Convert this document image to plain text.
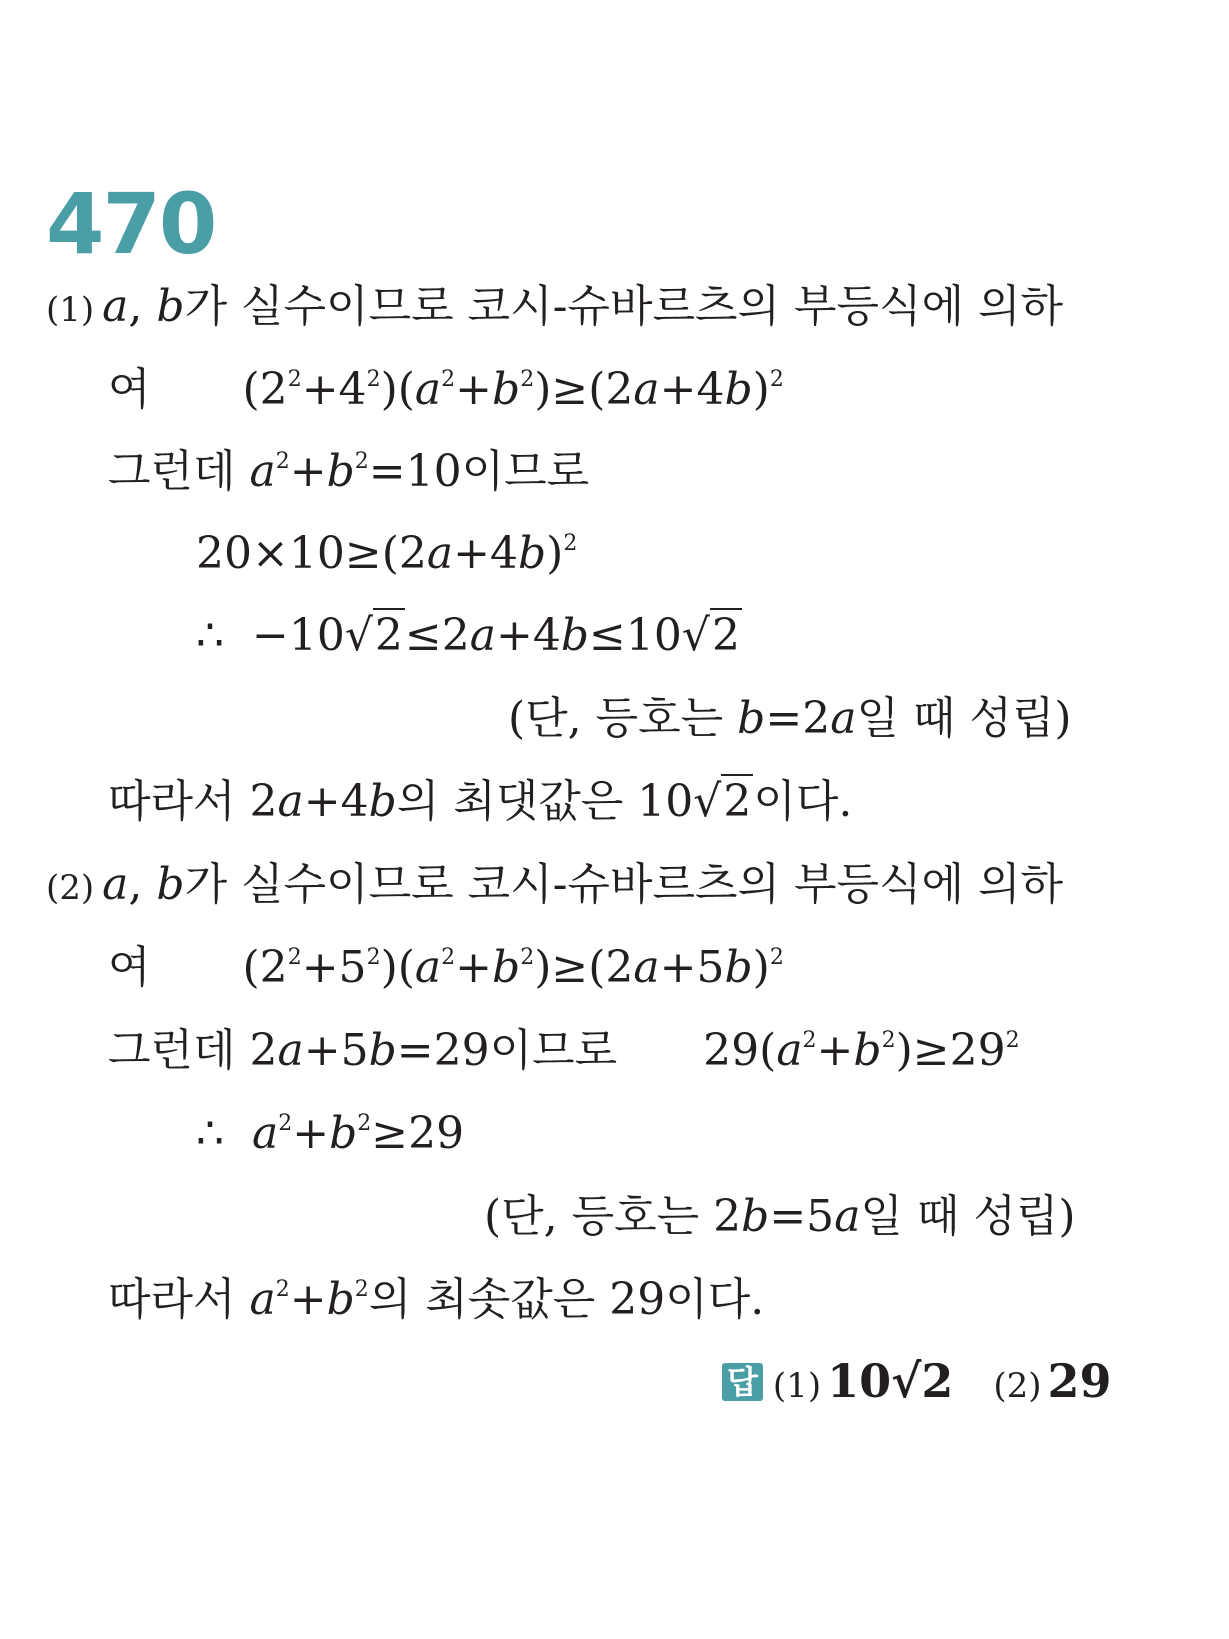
470
(1) a, b가 실수이므로 코시-슈바르츠의 부등식에 의하
여 $(2^2+4^2)(a^2+b^2)\ge(2a+4b)^2$
그런데 $a^2+b^2=10$이므로
$20\times 10\ge(2a+4b)^2$
∴  −10√2≤2a+4b≤10√2
(단, 등호는 b=2a일 때 성립)
따라서 2a+4b의 최댓값은 10√2이다.
(2) a, b가 실수이므로 코시-슈바르츠의 부등식에 의하
여 $(2^2+5^2)(a^2+b^2)\ge(2a+5b)^2$
그런데 2a+5b=29이므로 $29(a^2+b^2)\ge 29^2$
∴ $a^2+b^2\ge 29$
(단, 등호는 2b=5a일 때 성립)
따라서 $a^2+b^2$의 최솟값은 29이다.
답 (1) 10√2 (2) 29
